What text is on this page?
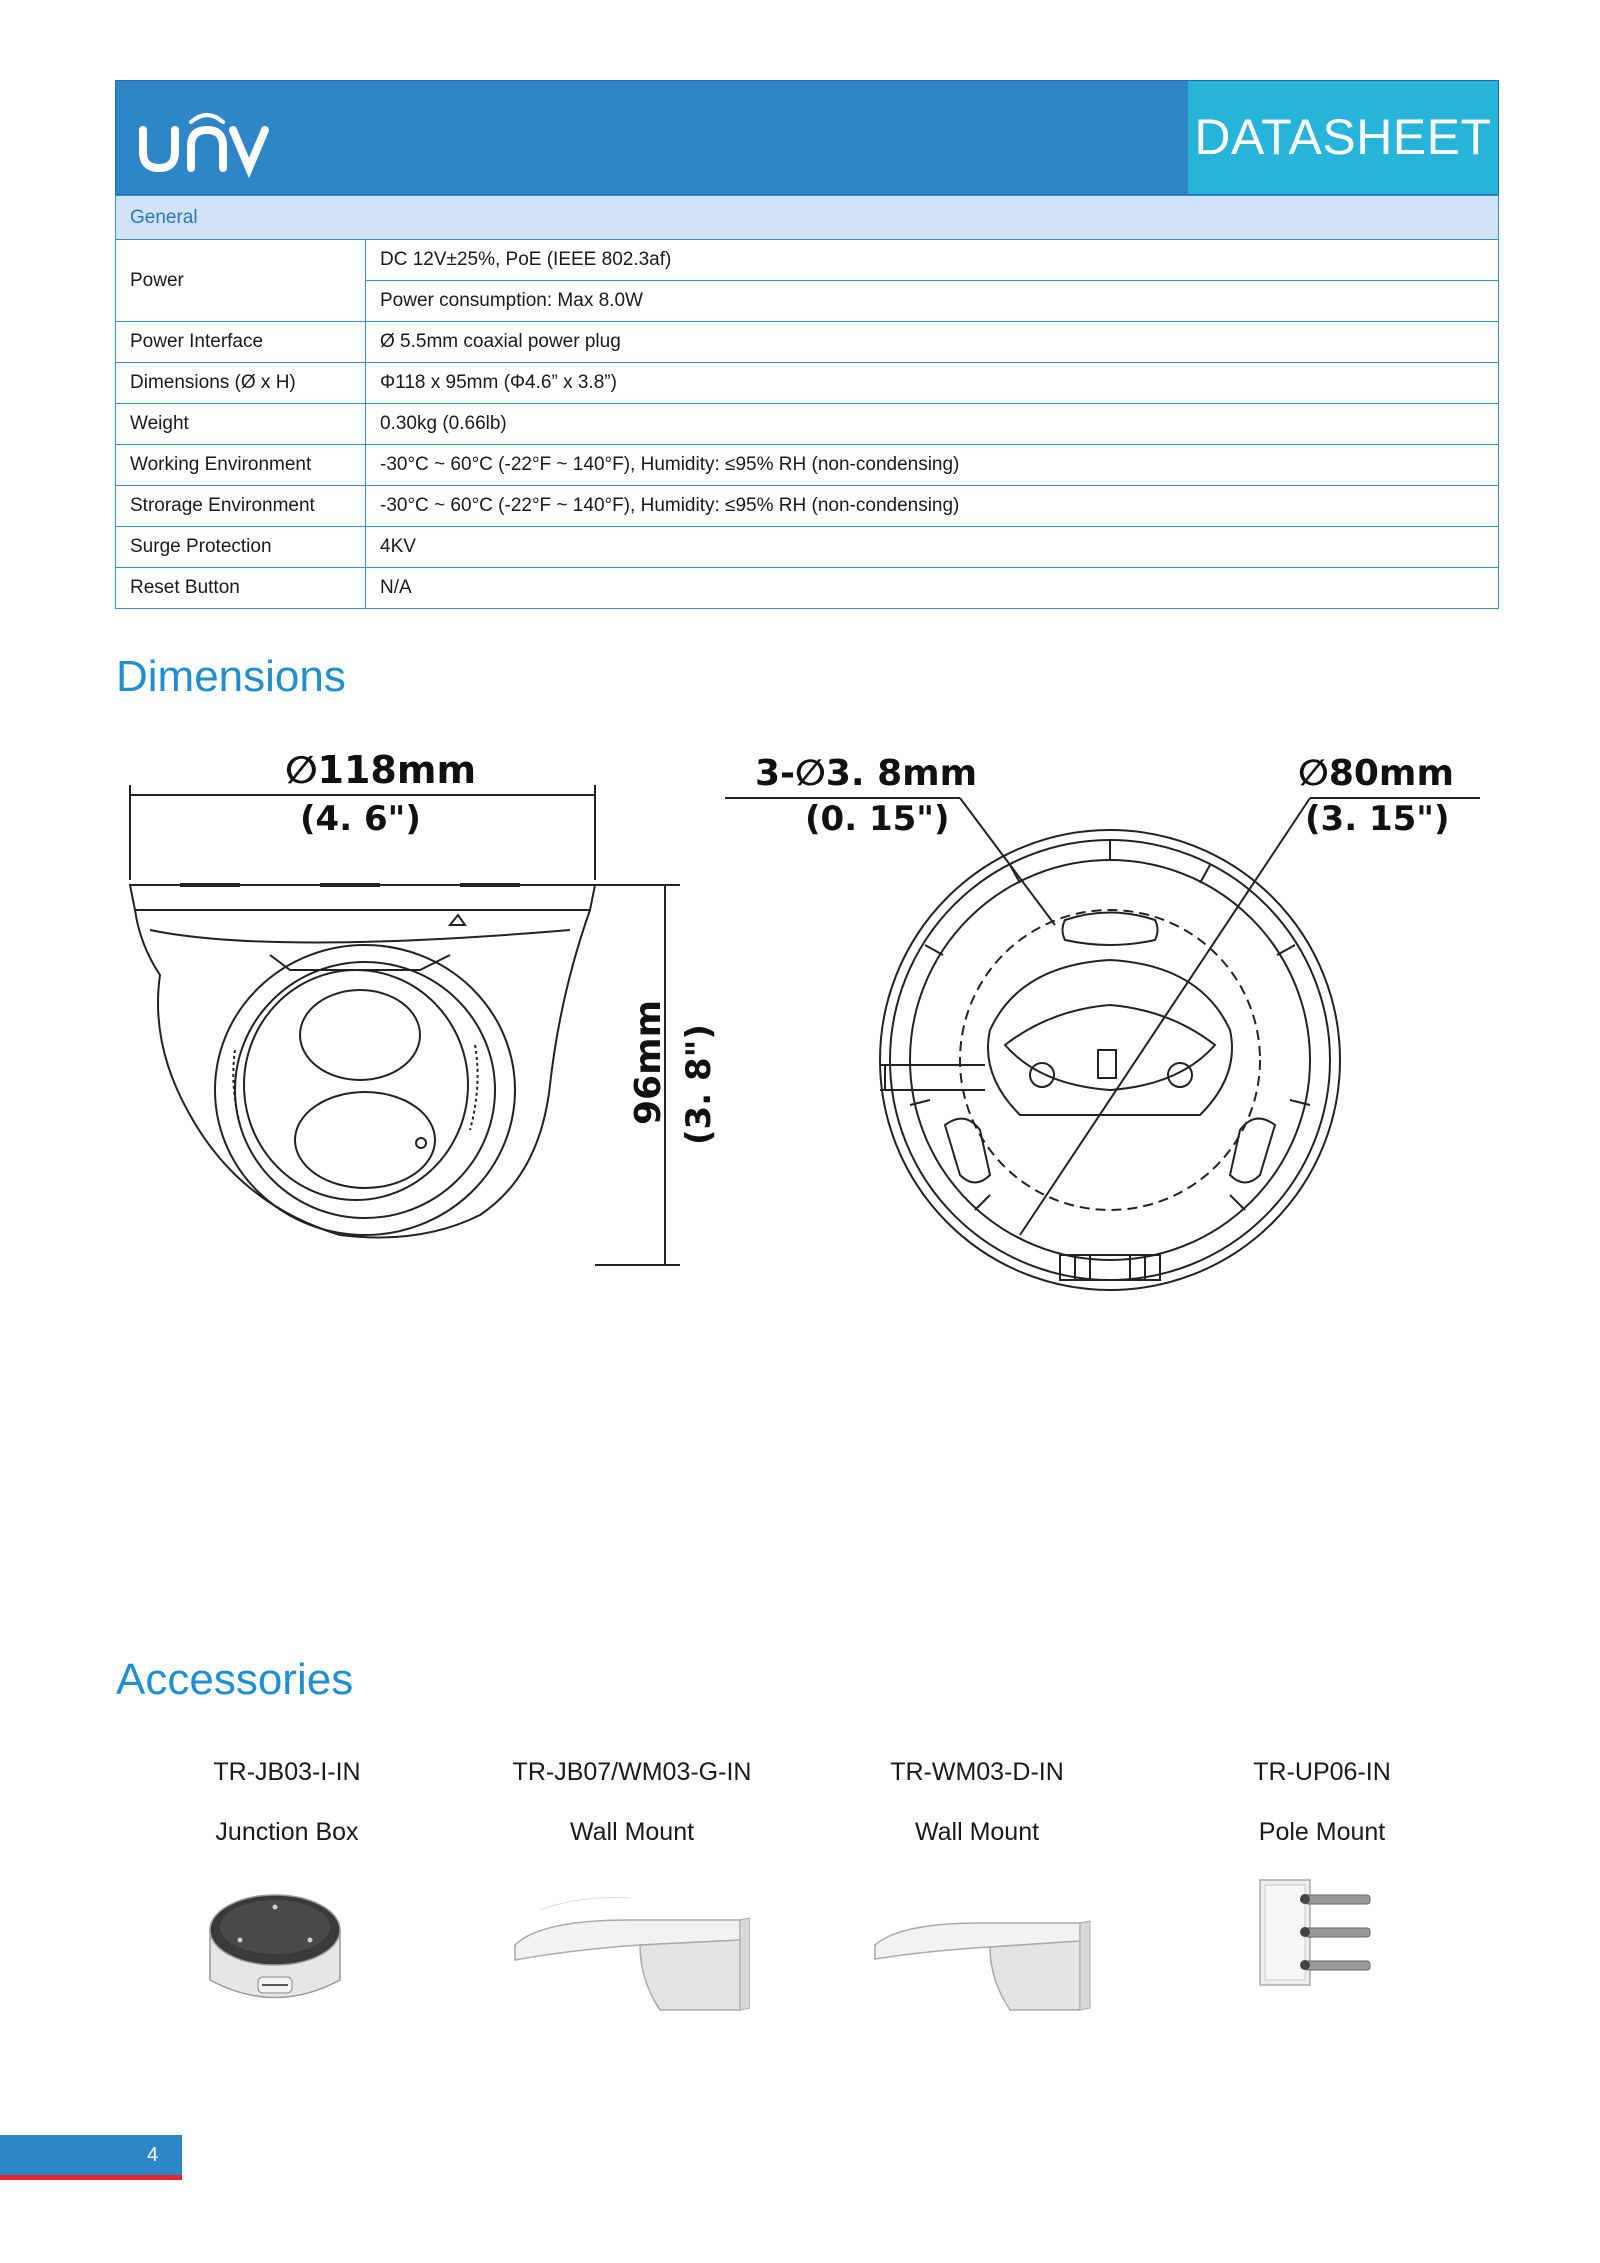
DATASHEET
General	
Power	DC 12V±25%, PoE (IEEE 802.3af)
	Power consumption: Max 8.0W
Power Interface	Ø 5.5mm coaxial power plug
Dimensions (Ø x H)	Φ118 x 95mm (Φ4.6” x 3.8”)
Weight	0.30kg (0.66lb)
Working Environment	-30°C ~ 60°C (-22°F ~ 140°F), Humidity: ≤95% RH (non-condensing)
Strorage Environment	-30°C ~ 60°C (-22°F ~ 140°F), Humidity: ≤95% RH (non-condensing)
Surge Protection	4KV
Reset Button	N/A
Dimensions
∅118mm
(4. 6")
96mm (3. 8")
3-∅3. 8mm
(0. 15")
∅80mm
(3. 15")
Accessories
TR-JB03-I-IN
Junction Box
TR-JB07/WM03-G-IN
Wall Mount
TR-WM03-D-IN
Wall Mount
TR-UP06-IN
Pole Mount
4
